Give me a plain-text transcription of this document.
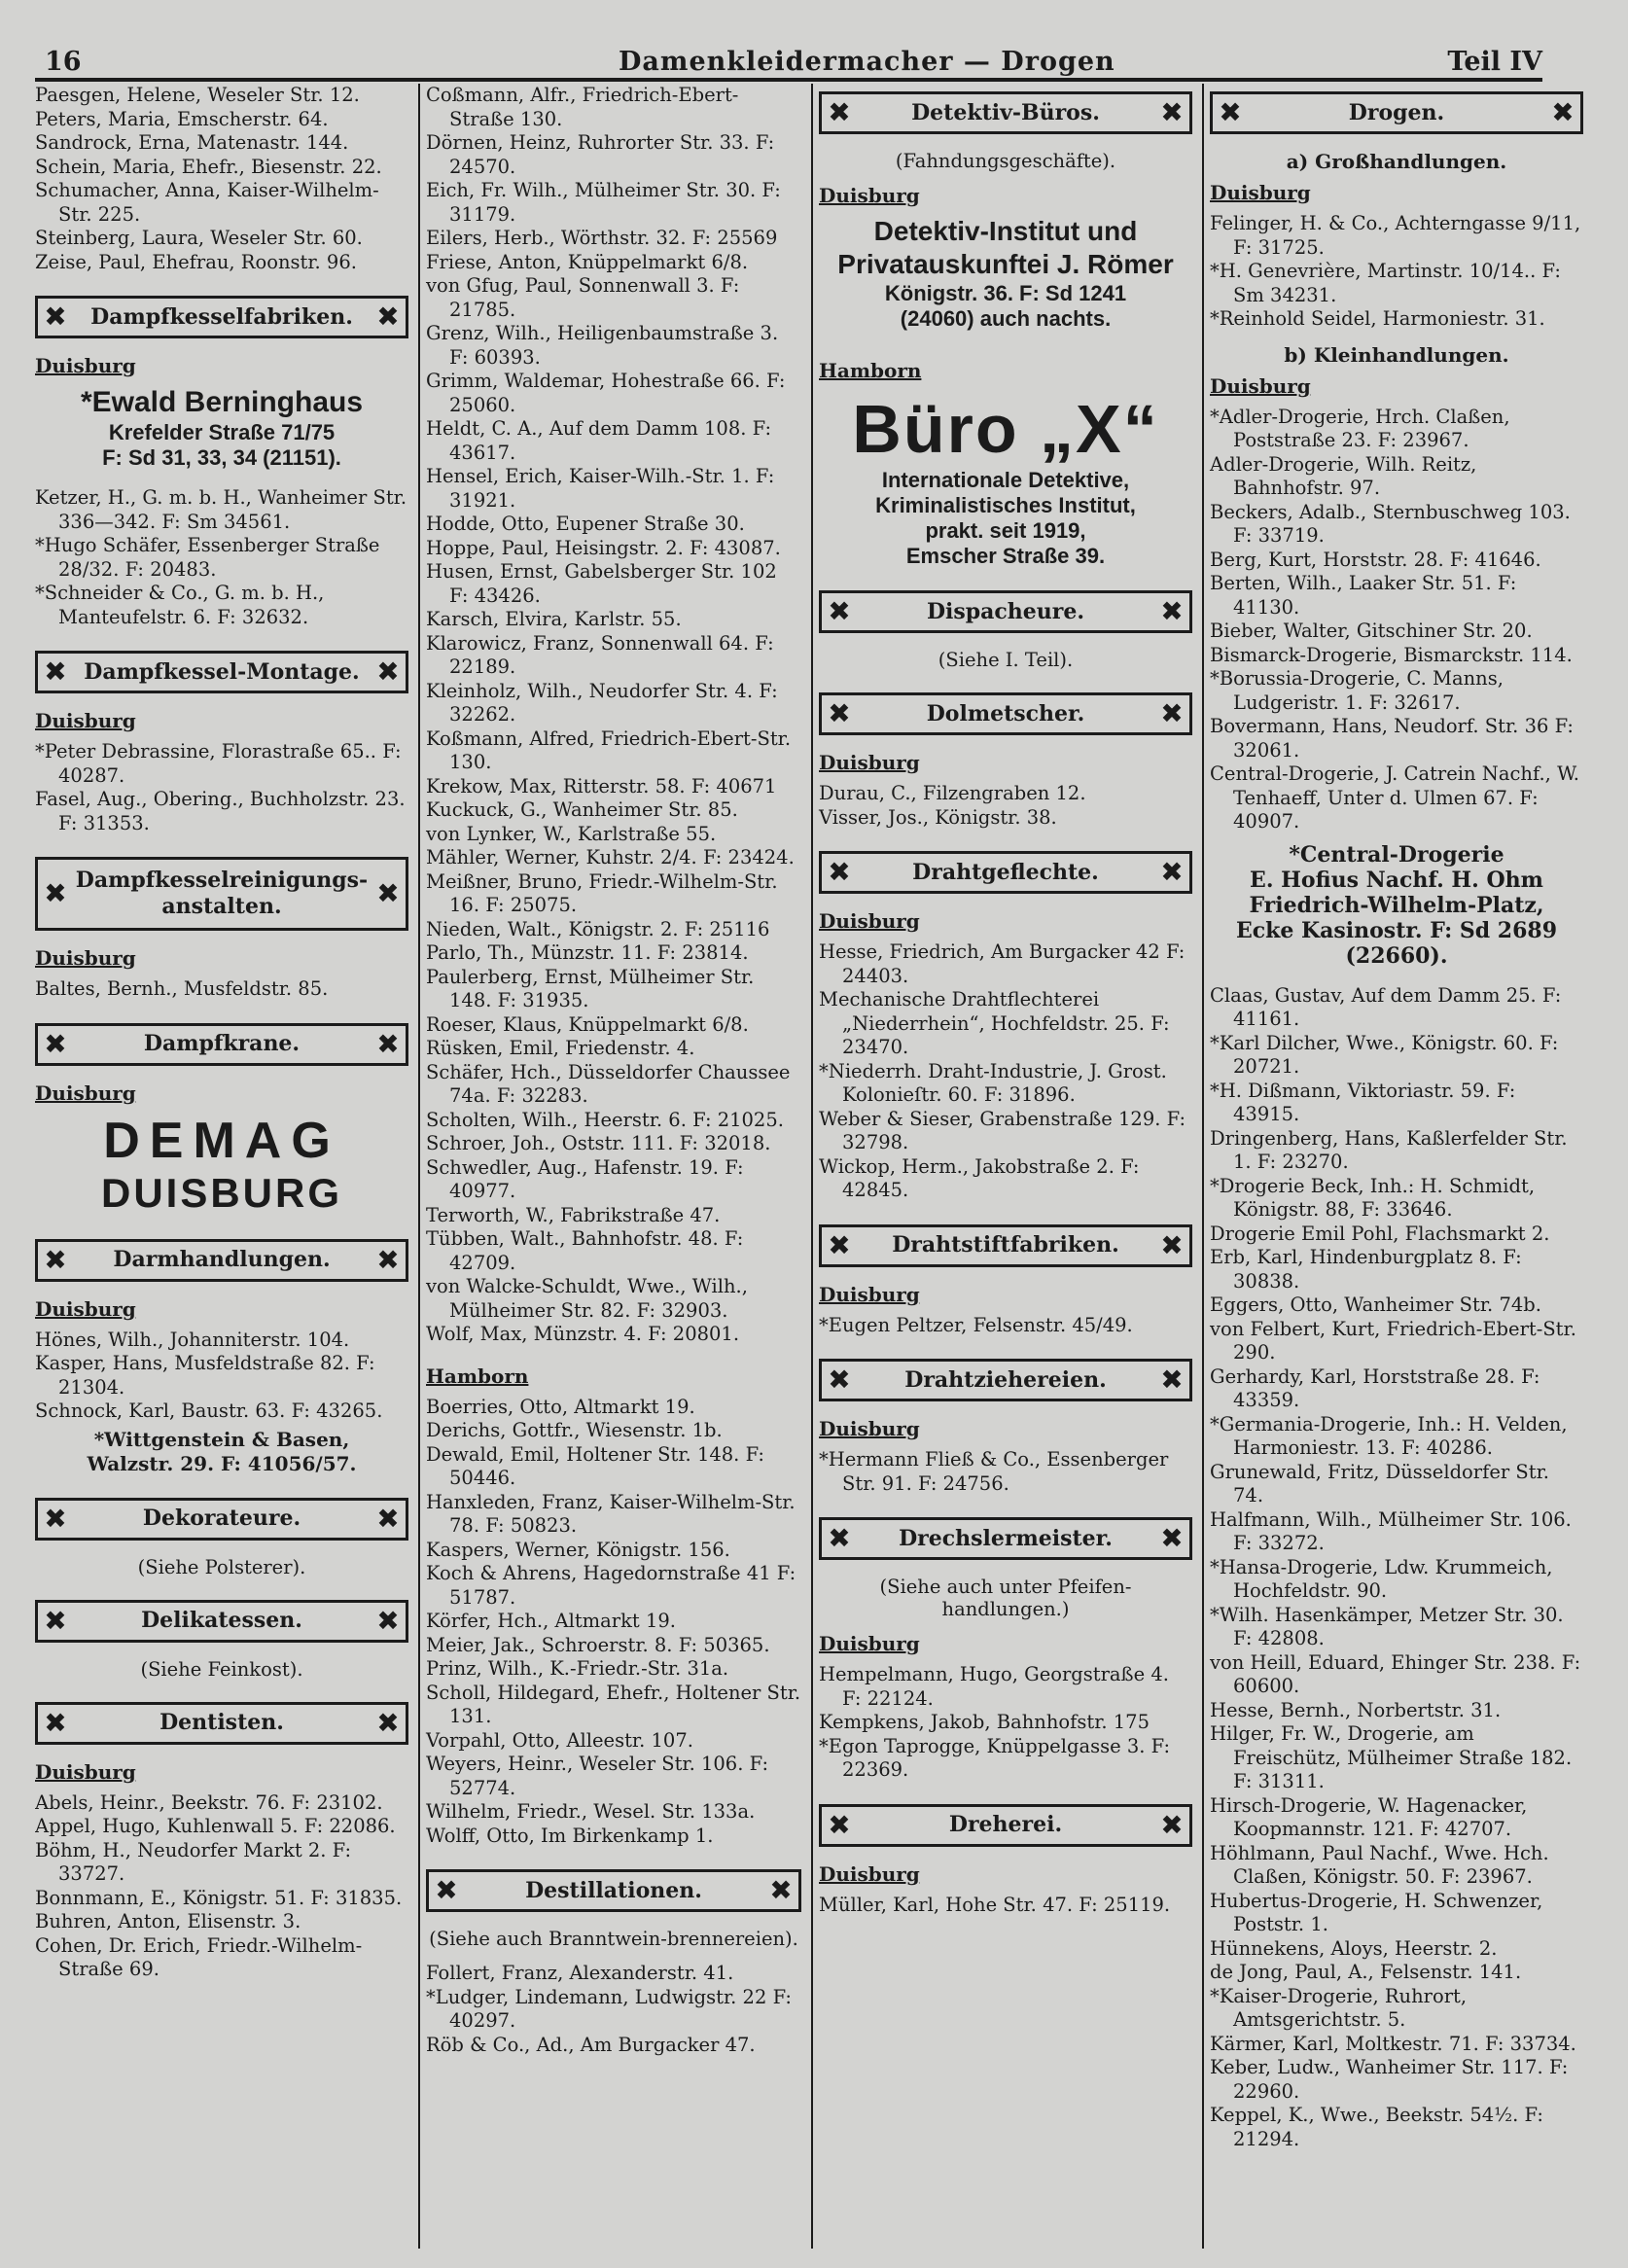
16	Damenkleidermacher — Drogen	Teil IV
Paesgen, Helene, Weseler Str. 12.
Peters, Maria, Emscherstr. 64.
Sandrock, Erna, Matenastr. 144.
Schein, Maria, Ehefr., Biesenstr. 22.
Schumacher, Anna, Kaiser-Wilhelm-Str. 225.
Steinberg, Laura, Weseler Str. 60.
Zeise, Paul, Ehefrau, Roonstr. 96.
✖	Dampfkesselfabriken. ✖
Duisburg
*Ewald Berninghaus
Krefelder Straße 71/75
F: Sd 31, 33, 34 (21151).
Ketzer, H., G. m. b. H., Wanheimer Str. 336—342. F: Sm 34561.
*Hugo Schäfer, Essenberger Straße 28/32. F: 20483.
*Schneider & Co., G. m. b. H., Manteufelstr. 6. F: 32632.
✖ Dampfkessel-Montage. ✖
Duisburg
*Peter Debrassine, Florastraße 65.. F: 40287.
Fasel, Aug., Obering., Buchholzstr. 23. F: 31353.
✖ Dampfkesselreinigungs-anstalten.	✖
Duisburg
Baltes, Bernh., Musfeldstr. 85.
✖	Dampfkrane.	✖
Duisburg
DEMAG
DUISBURG
✖	Darmhandlungen.	✖
Duisburg
Hönes, Wilh., Johanniterstr. 104.
Kasper, Hans, Musfeldstraße 82. F: 21304.
Schnock, Karl, Baustr. 63. F: 43265.
*Wittgenstein & Basen,
Walzstr. 29. F: 41056/57.
✖	Dekorateure.	✖
(Siehe Polsterer).
✖	Delikatessen.	✖
(Siehe Feinkost).
✖	Dentisten.	✖
Duisburg
Abels, Heinr., Beekstr. 76. F: 23102.
Appel, Hugo, Kuhlenwall 5. F: 22086.
Böhm, H., Neudorfer Markt 2. F: 33727.
Bonnmann, E., Königstr. 51. F: 31835.
Buhren, Anton, Elisenstr. 3.
Cohen, Dr. Erich, Friedr.-Wilhelm-Straße 69.
Coßmann, Alfr., Friedrich-Ebert-Straße 130.
Dörnen, Heinz, Ruhrorter Str. 33. F: 24570.
Eich, Fr. Wilh., Mülheimer Str. 30. F: 31179.
Eilers, Herb., Wörthstr. 32. F: 25569
Friese, Anton, Knüppelmarkt 6/8.
von Gfug, Paul, Sonnenwall 3. F: 21785.
Grenz, Wilh., Heiligenbaumstraße 3. F: 60393.
Grimm, Waldemar, Hohestraße 66. F: 25060.
Heldt, C. A., Auf dem Damm 108. F: 43617.
Hensel, Erich, Kaiser-Wilh.-Str. 1. F: 31921.
Hodde, Otto, Eupener Straße 30.
Hoppe, Paul, Heisingstr. 2. F: 43087.
Husen, Ernst, Gabelsberger Str. 102 F: 43426.
Karsch, Elvira, Karlstr. 55.
Klarowicz, Franz, Sonnenwall 64. F: 22189.
Kleinholz, Wilh., Neudorfer Str. 4. F: 32262.
Koßmann, Alfred, Friedrich-Ebert-Str. 130.
Krekow, Max, Ritterstr. 58. F: 40671
Kuckuck, G., Wanheimer Str. 85.
von Lynker, W., Karlstraße 55.
Mähler, Werner, Kuhstr. 2/4. F: 23424.
Meißner, Bruno, Friedr.-Wilhelm-Str. 16. F: 25075.
Nieden, Walt., Königstr. 2. F: 25116
Parlo, Th., Münzstr. 11. F: 23814.
Paulerberg, Ernst, Mülheimer Str. 148. F: 31935.
Roeser, Klaus, Knüppelmarkt 6/8.
Rüsken, Emil, Friedenstr. 4.
Schäfer, Hch., Düsseldorfer Chaussee 74a. F: 32283.
Scholten, Wilh., Heerstr. 6. F: 21025.
Schroer, Joh., Oststr. 111. F: 32018.
Schwedler, Aug., Hafenstr. 19. F: 40977.
Terworth, W., Fabrikstraße 47.
Tübben, Walt., Bahnhofstr. 48. F: 42709.
von Walcke-Schuldt, Wwe., Wilh., Mülheimer Str. 82. F: 32903.
Wolf, Max, Münzstr. 4. F: 20801.
Hamborn
Boerries, Otto, Altmarkt 19.
Derichs, Gottfr., Wiesenstr. 1b.
Dewald, Emil, Holtener Str. 148. F: 50446.
Hanxleden, Franz, Kaiser-Wilhelm-Str. 78. F: 50823.
Kaspers, Werner, Königstr. 156.
Koch & Ahrens, Hagedornstraße 41 F: 51787.
Körfer, Hch., Altmarkt 19.
Meier, Jak., Schroerstr. 8. F: 50365.
Prinz, Wilh., K.-Friedr.-Str. 31a.
Scholl, Hildegard, Ehefr., Holtener Str. 131.
Vorpahl, Otto, Alleestr. 107.
Weyers, Heinr., Weseler Str. 106. F: 52774.
Wilhelm, Friedr., Wesel. Str. 133a.
Wolff, Otto, Im Birkenkamp 1.
✖	Destillationen.	✖
(Siehe auch Branntwein-brennereien).
Follert, Franz, Alexanderstr. 41.
*Ludger, Lindemann, Ludwigstr. 22 F: 40297.
Röb & Co., Ad., Am Burgacker 47.
✖	Detektiv-Büros.	✖
(Fahndungsgeschäfte).
Duisburg
Detektiv-Institut und
Privatauskunftei J. Römer
Königstr. 36. F: Sd 1241
(24060) auch nachts.
Hamborn
Büro „X“
Internationale Detektive,
Kriminalistisches Institut,
prakt. seit 1919,
Emscher Straße 39.
✖	Dispacheure.	✖
(Siehe I. Teil).
✖	Dolmetscher.	✖
Duisburg
Durau, C., Filzengraben 12.
Visser, Jos., Königstr. 38.
✖	Drahtgeflechte.	✖
Duisburg
Hesse, Friedrich, Am Burgacker 42 F: 24403.
Mechanische Drahtflechterei „Niederrhein“, Hochfeldstr. 25. F: 23470.
*Niederrh. Draht-Industrie, J. Grost. Kolonieſtr. 60. F: 31896.
Weber & Sieser, Grabenstraße 129. F: 32798.
Wickop, Herm., Jakobstraße 2. F: 42845.
✖	Drahtstiftfabriken.	✖
Duisburg
*Eugen Peltzer, Felsenstr. 45/49.
✖	Drahtziehereien.	✖
Duisburg
*Hermann Fließ & Co., Essenberger Str. 91. F: 24756.
✖	Drechslermeister.	✖
(Siehe auch unter Pfeifen-handlungen.)
Duisburg
Hempelmann, Hugo, Georgstraße 4. F: 22124.
Kempkens, Jakob, Bahnhofstr. 175
*Egon Taprogge, Knüppelgasse 3. F: 22369.
✖	Dreherei.	✖
Duisburg
Müller, Karl, Hohe Str. 47. F: 25119.
✖	Drogen.	✖
a) Großhandlungen.
Duisburg
Felinger, H. & Co., Achterngasse 9/11, F: 31725.
*H. Genevrière, Martinstr. 10/14.. F: Sm 34231.
*Reinhold Seidel, Harmoniestr. 31.
b) Kleinhandlungen.
Duisburg
*Adler-Drogerie, Hrch. Claßen, Poststraße 23. F: 23967.
Adler-Drogerie, Wilh. Reitz, Bahnhofstr. 97.
Beckers, Adalb., Sternbuschweg 103. F: 33719.
Berg, Kurt, Horststr. 28. F: 41646.
Berten, Wilh., Laaker Str. 51. F: 41130.
Bieber, Walter, Gitschiner Str. 20.
Bismarck-Drogerie, Bismarckstr. 114.
*Borussia-Drogerie, C. Manns, Ludgeristr. 1. F: 32617.
Bovermann, Hans, Neudorf. Str. 36 F: 32061.
Central-Drogerie, J. Catrein Nachf., W. Tenhaeff, Unter d. Ulmen 67. F: 40907.
*Central-Drogerie
E. Hofius Nachf. H. Ohm
Friedrich-Wilhelm-Platz,
Ecke Kasinostr. F: Sd 2689
(22660).
Claas, Gustav, Auf dem Damm 25. F: 41161.
*Karl Dilcher, Wwe., Königstr. 60. F: 20721.
*H. Dißmann, Viktoriastr. 59. F: 43915.
Dringenberg, Hans, Kaßlerfelder Str. 1. F: 23270.
*Drogerie Beck, Inh.: H. Schmidt, Königstr. 88, F: 33646.
Drogerie Emil Pohl, Flachsmarkt 2.
Erb, Karl, Hindenburgplatz 8. F: 30838.
Eggers, Otto, Wanheimer Str. 74b.
von Felbert, Kurt, Friedrich-Ebert-Str. 290.
Gerhardy, Karl, Horststraße 28. F: 43359.
*Germania-Drogerie, Inh.: H. Velden, Harmoniestr. 13. F: 40286.
Grunewald, Fritz, Düsseldorfer Str. 74.
Halfmann, Wilh., Mülheimer Str. 106. F: 33272.
*Hansa-Drogerie, Ldw. Krummeich, Hochfeldstr. 90.
*Wilh. Hasenkämper, Metzer Str. 30. F: 42808.
von Heill, Eduard, Ehinger Str. 238. F: 60600.
Hesse, Bernh., Norbertstr. 31.
Hilger, Fr. W., Drogerie, am Freischütz, Mülheimer Straße 182. F: 31311.
Hirsch-Drogerie, W. Hagenacker, Koopmannstr. 121. F: 42707.
Höhlmann, Paul Nachf., Wwe. Hch. Claßen, Königstr. 50. F: 23967.
Hubertus-Drogerie, H. Schwenzer, Poststr. 1.
Hünnekens, Aloys, Heerstr. 2.
de Jong, Paul, A., Felsenstr. 141.
*Kaiser-Drogerie, Ruhrort, Amtsgerichtstr. 5.
Kärmer, Karl, Moltkestr. 71. F: 33734.
Keber, Ludw., Wanheimer Str. 117. F: 22960.
Keppel, K., Wwe., Beekstr. 54½. F: 21294.
